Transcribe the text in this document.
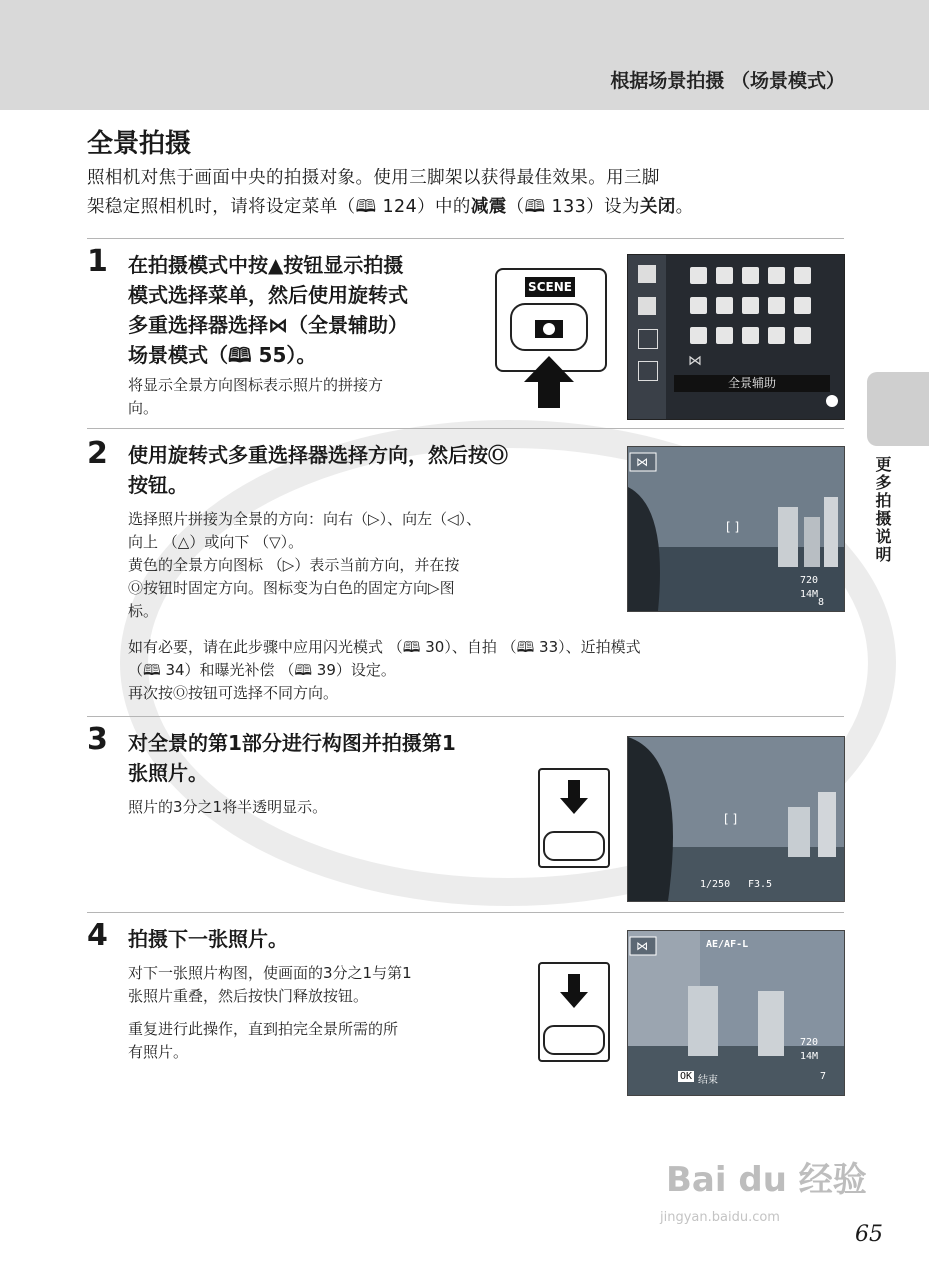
根据场景拍摄 （场景模式）
更多拍摄说明
全景拍摄
照相机对焦于画面中央的拍摄对象。使用三脚架以获得最佳效果。用三脚
架稳定照相机时，请将设定菜单（🕮 124）中的减震（🕮 133）设为关闭。
1 在拍摄模式中按▲按钮显示拍摄
模式选择菜单，然后使用旋转式
多重选择器选择⋈（全景辅助）
场景模式（🕮 55）。
将显示全景方向图标表示照片的拼接方
向。
SCENE
⋈
全景辅助
2 使用旋转式多重选择器选择方向，然后按Ⓞ
按钮。
选择照片拼接为全景的方向：向右（▷）、向左（◁）、
向上 （△）或向下 （▽）。
黄色的全景方向图标 （▷）表示当前方向，并在按
Ⓞ按钮时固定方向。图标变为白色的固定方向▷图
标。
⋈
[ ]
720
14M
8
如有必要，请在此步骤中应用闪光模式 （🕮 30）、自拍 （🕮 33）、近拍模式
（🕮 34）和曝光补偿 （🕮 39）设定。
再次按Ⓞ按钮可选择不同方向。
3 对全景的第1部分进行构图并拍摄第1
张照片。
照片的3分之1将半透明显示。
[ ]
1/250 F3.5
4 拍摄下一张照片。
对下一张照片构图，使画面的3分之1与第1
张照片重叠，然后按快门释放按钮。

重复进行此操作，直到拍完全景所需的所
有照片。
⋈	AE/AF-L
OK 结束
720
14M
7
Bai du 经验
jingyan.baidu.com
65
